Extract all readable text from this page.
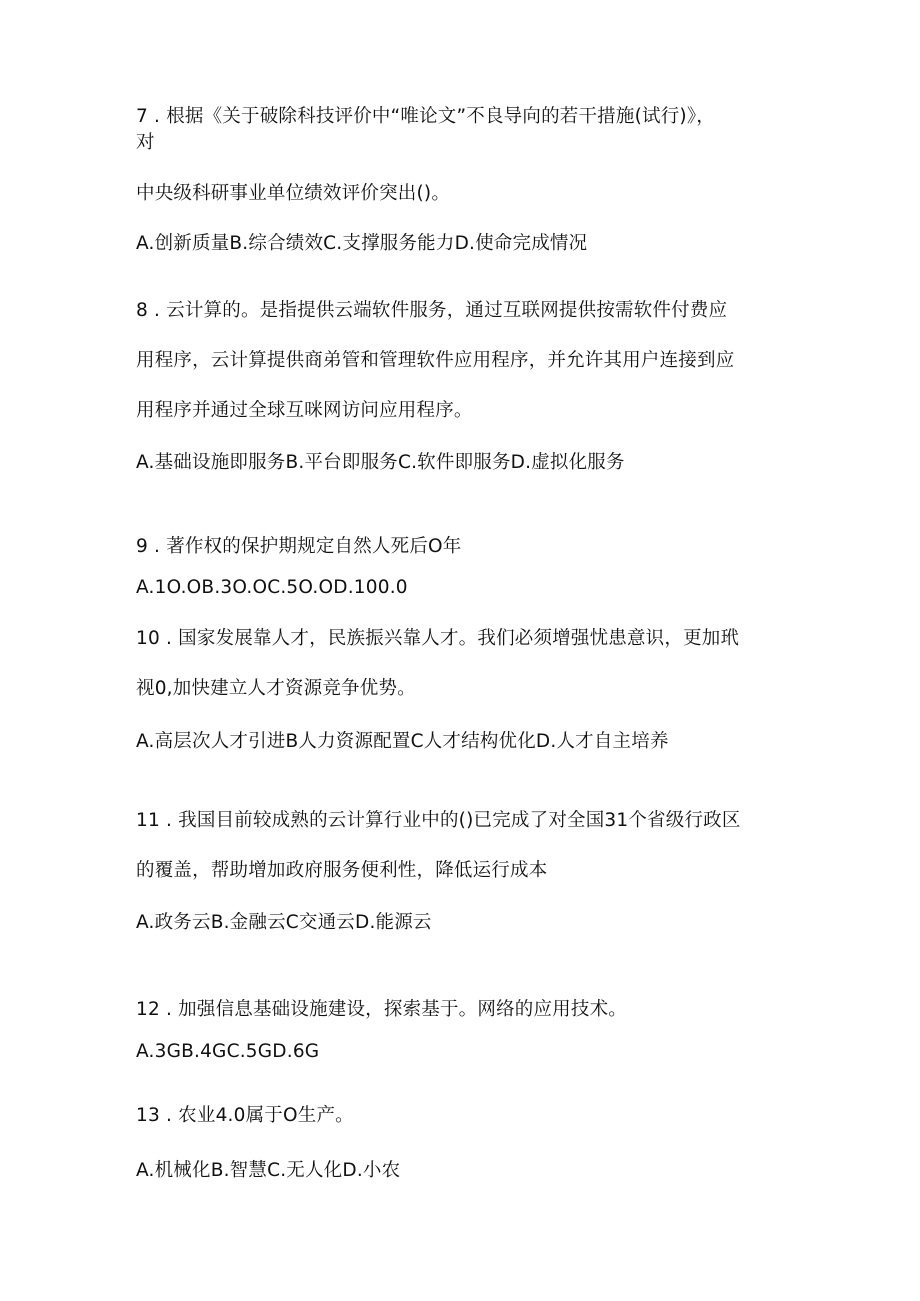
7 . 根据《关于破除科技评价中“唯论文”不良导向的若干措施(试行)》，
对
中央级科研事业单位绩效评价突出()。
A.创新质量B.综合绩效C.支撑服务能力D.使命完成情况
8 . 云计算的。是指提供云端软件服务，通过互联网提供按需软件付费应
用程序，云计算提供商弟管和管理软件应用程序，并允许其用户连接到应
用程序并通过全球互咪网访问应用程序。
A.基础设施即服务B.平台即服务C.软件即服务D.虚拟化服务
9 . 著作权的保护期规定自然人死后O年
A.1O.OB.3O.OC.5O.OD.100.0
10 . 国家发展靠人才，民族振兴靠人才。我们必须增强忧患意识，更加玳
视0,加快建立人才资源竞争优势。
A.高层次人才引进B人力资源配置C人才结构优化D.人才自主培养
11 . 我国目前较成熟的云计算行业中的()已完成了对全国31个省级行政区
的覆盖，帮助增加政府服务便利性，降低运行成本
A.政务云B.金融云C交通云D.能源云
12 . 加强信息基础设施建设，探索基于。网络的应用技术。
A.3GB.4GC.5GD.6G
13 . 农业4.0属于O生产。
A.机械化B.智慧C.无人化D.小农
